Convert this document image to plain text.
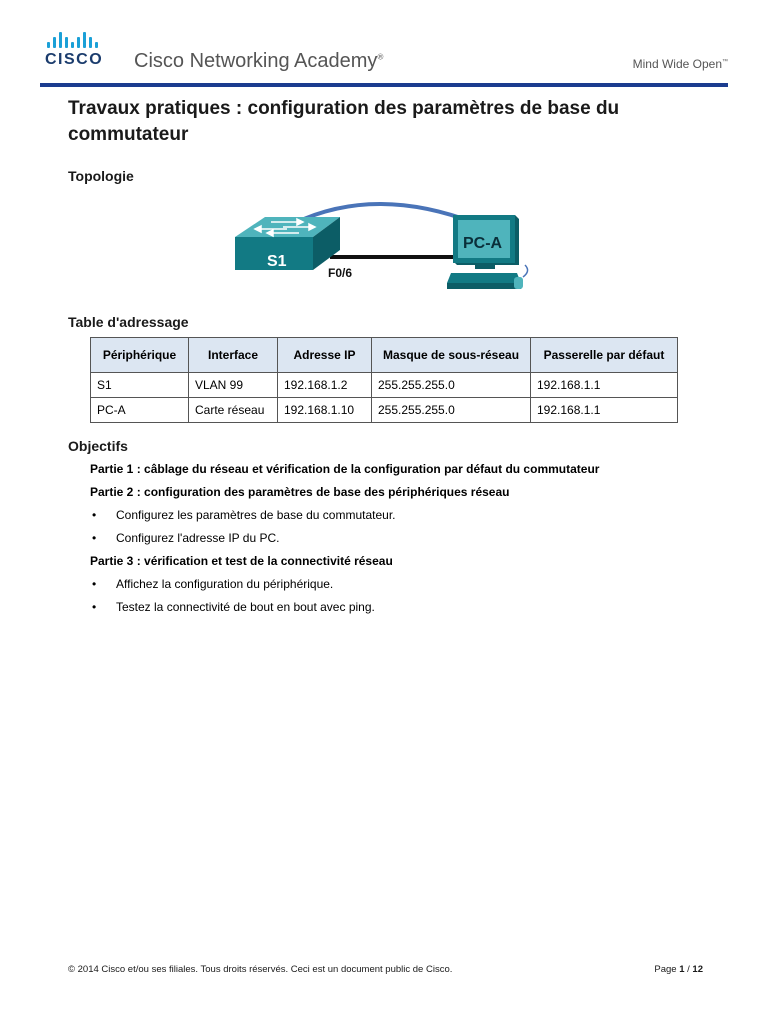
CISCO	Cisco Networking Academy®
Mind Wide Open™
Travaux pratiques : configuration des paramètres de base du commutateur
Topologie
S1
F0/6
PC-A
Table d'adressage
Périphérique	Interface	Adresse IP	Masque de sous-réseau	Passerelle par défaut
S1	VLAN 99	192.168.1.2	255.255.255.0	192.168.1.1
PC-A	Carte réseau	192.168.1.10	255.255.255.0	192.168.1.1
Objectifs
Partie 1 : câblage du réseau et vérification de la configuration par défaut du commutateur
Partie 2 : configuration des paramètres de base des périphériques réseau
•	Configurez les paramètres de base du commutateur.
•	Configurez l'adresse IP du PC.
Partie 3 : vérification et test de la connectivité réseau
•	Affichez la configuration du périphérique.
•	Testez la connectivité de bout en bout avec ping.
© 2014 Cisco et/ou ses filiales. Tous droits réservés. Ceci est un document public de Cisco.	Page 1 / 12
